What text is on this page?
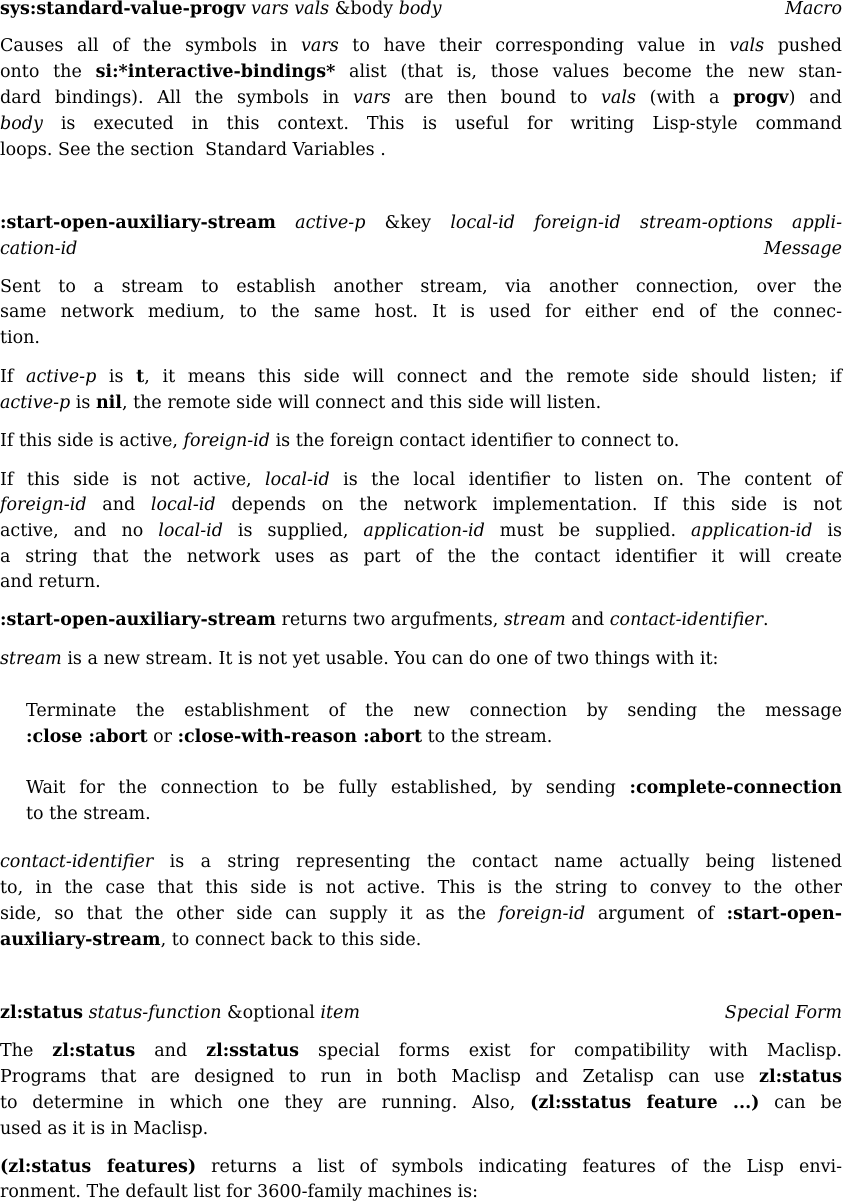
sys:standard-value-progv vars vals &body body	Macro
Causes all of the symbols in vars to have their corresponding value in vals pushed
onto the si:*interactive-bindings* alist (that is, those values become the new stan-
dard bindings). All the symbols in vars are then bound to vals (with a progv) and
body is executed in this context. This is useful for writing Lisp-style command
loops. See the section  Standard Variables .
:start-open-auxiliary-stream active-p &key local-id foreign-id stream-options appli-
cation-id	Message
Sent to a stream to establish another stream, via another connection, over the
same network medium, to the same host. It is used for either end of the connec-
tion.
If active-p is t, it means this side will connect and the remote side should listen; if
active-p is nil, the remote side will connect and this side will listen.
If this side is active, foreign-id is the foreign contact identifier to connect to.
If this side is not active, local-id is the local identifier to listen on. The content of
foreign-id and local-id depends on the network implementation. If this side is not
active, and no local-id is supplied, application-id must be supplied. application-id is
a string that the network uses as part of the the contact identifier it will create
and return.
:start-open-auxiliary-stream returns two argufments, stream and contact-identifier.
stream is a new stream. It is not yet usable. You can do one of two things with it:
Terminate the establishment of the new connection by sending the message
:close :abort or :close-with-reason :abort to the stream.
Wait for the connection to be fully established, by sending :complete-connection
to the stream.
contact-identifier is a string representing the contact name actually being listened
to, in the case that this side is not active. This is the string to convey to the other
side, so that the other side can supply it as the foreign-id argument of :start-open-
auxiliary-stream, to connect back to this side.
zl:status status-function &optional item	Special Form
The zl:status and zl:sstatus special forms exist for compatibility with Maclisp.
Programs that are designed to run in both Maclisp and Zetalisp can use zl:status
to determine in which one they are running. Also, (zl:sstatus feature ...) can be
used as it is in Maclisp.
(zl:status features) returns a list of symbols indicating features of the Lisp envi-
ronment. The default list for 3600-family machines is:
